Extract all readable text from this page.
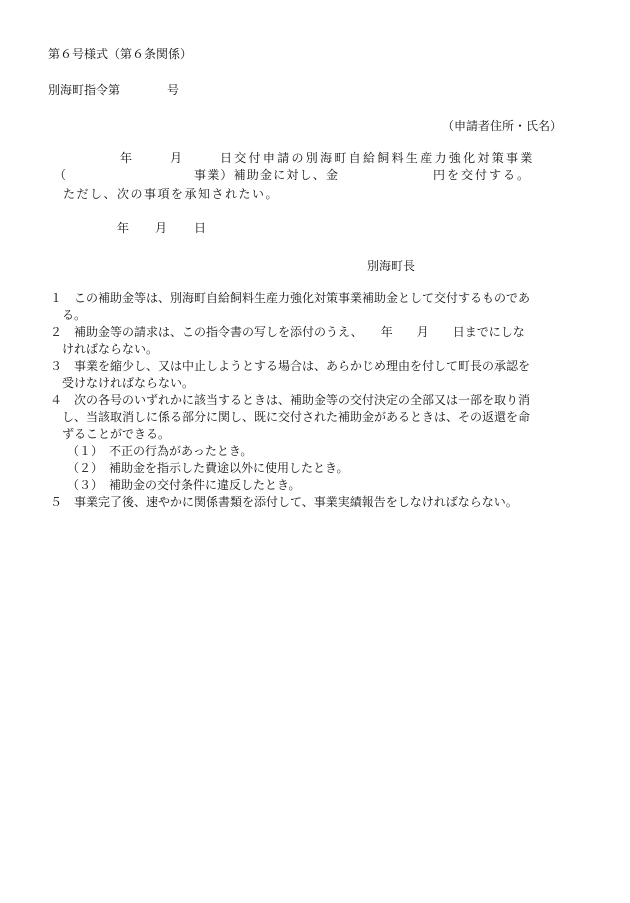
第６号様式（第６条関係）
別海町指令第	号
（申請者住所・氏名）
年	月	日交付申請の別海町自給飼料生産力強化対策事業
（	事業）補助金に対し、金	円を交付する。
ただし、次の事項を承知されたい。
年 月 日
別海町長
１ この補助金等は、別海町自給飼料生産力強化対策事業補助金として交付するものであ
る。
２ 補助金等の請求は、この指令書の写しを添付のうえ、　　年　　月　　日までにしな
ければならない。
３ 事業を縮少し、又は中止しようとする場合は、あらかじめ理由を付して町長の承認を
受けなければならない。
４ 次の各号のいずれかに該当するときは、補助金等の交付決定の全部又は一部を取り消
し、当該取消しに係る部分に関し、既に交付された補助金があるときは、その返還を命
ずることができる。
（１） 不正の行為があったとき。
（２） 補助金を指示した費途以外に使用したとき。
（３） 補助金の交付条件に違反したとき。
５ 事業完了後、速やかに関係書類を添付して、事業実績報告をしなければならない。
